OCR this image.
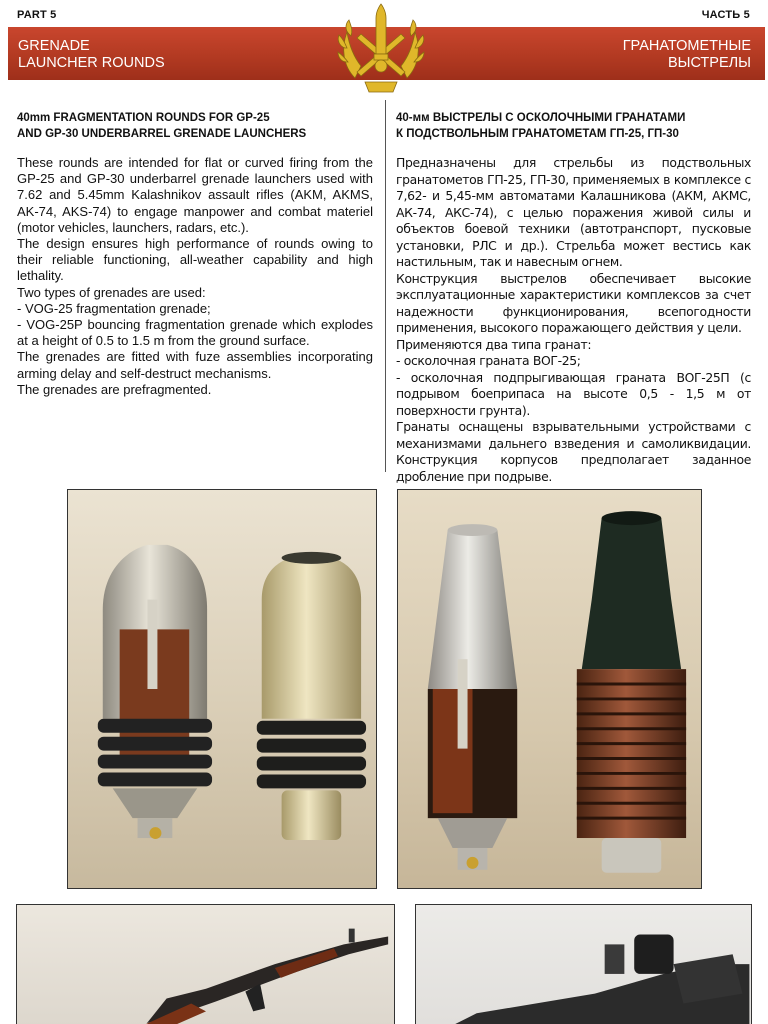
PART 5	ЧАСТЬ 5
GRENADE
LAUNCHER ROUNDS
ГРАНАТОМЕТНЫЕ
ВЫСТРЕЛЫ
40mm FRAGMENTATION ROUNDS FOR GP-25
AND GP-30 UNDERBARREL GRENADE LAUNCHERS

These rounds are intended for flat or curved firing from the GP-25 and GP-30 underbarrel grenade launchers used with 7.62 and 5.45mm Kalashnikov assault rifles (AKM, AKMS, AK-74, AKS-74) to engage manpower and combat materiel (motor vehicles, launchers, radars, etc.).

The design ensures high performance of rounds owing to their reliable functioning, all-weather capability and high lethality.

Two types of grenades are used:

- VOG-25 fragmentation grenade;

- VOG-25P bouncing fragmentation grenade which explodes at a height of 0.5 to 1.5 m from the ground surface.

The grenades are fitted with fuze assemblies incorporating arming delay and self-destruct mechanisms.

The grenades are prefragmented.

40-мм ВЫСТРЕЛЫ С ОСКОЛОЧНЫМИ ГРАНАТАМИ
К ПОДСТВОЛЬНЫМ ГРАНАТОМЕТАМ ГП-25, ГП-30

Предназначены для стрельбы из подствольных гранатометов ГП-25, ГП-30, применяемых в комплексе с 7,62- и 5,45-мм автоматами Калашникова (АКМ, АКМС, АК-74, АКС-74), с целью поражения живой силы и объектов боевой техники (автотранспорт, пусковые установки, РЛС и др.). Стрельба может вестись как настильным, так и навесным огнем.

Конструкция выстрелов обеспечивает высокие эксплуатационные характеристики комплексов за счет надежности функционирования, всепогодности применения, высокого поражающего действия у цели.

Применяются два типа гранат:

- осколочная граната ВОГ-25;

- осколочная подпрыгивающая граната ВОГ-25П (с подрывом боеприпаса на высоте 0,5 - 1,5 м от поверхности грунта).

Гранаты оснащены взрывательными устройствами с механизмами дальнего взведения и самоликвидации. Конструкция корпусов предполагает заданное дробление при подрыве.
